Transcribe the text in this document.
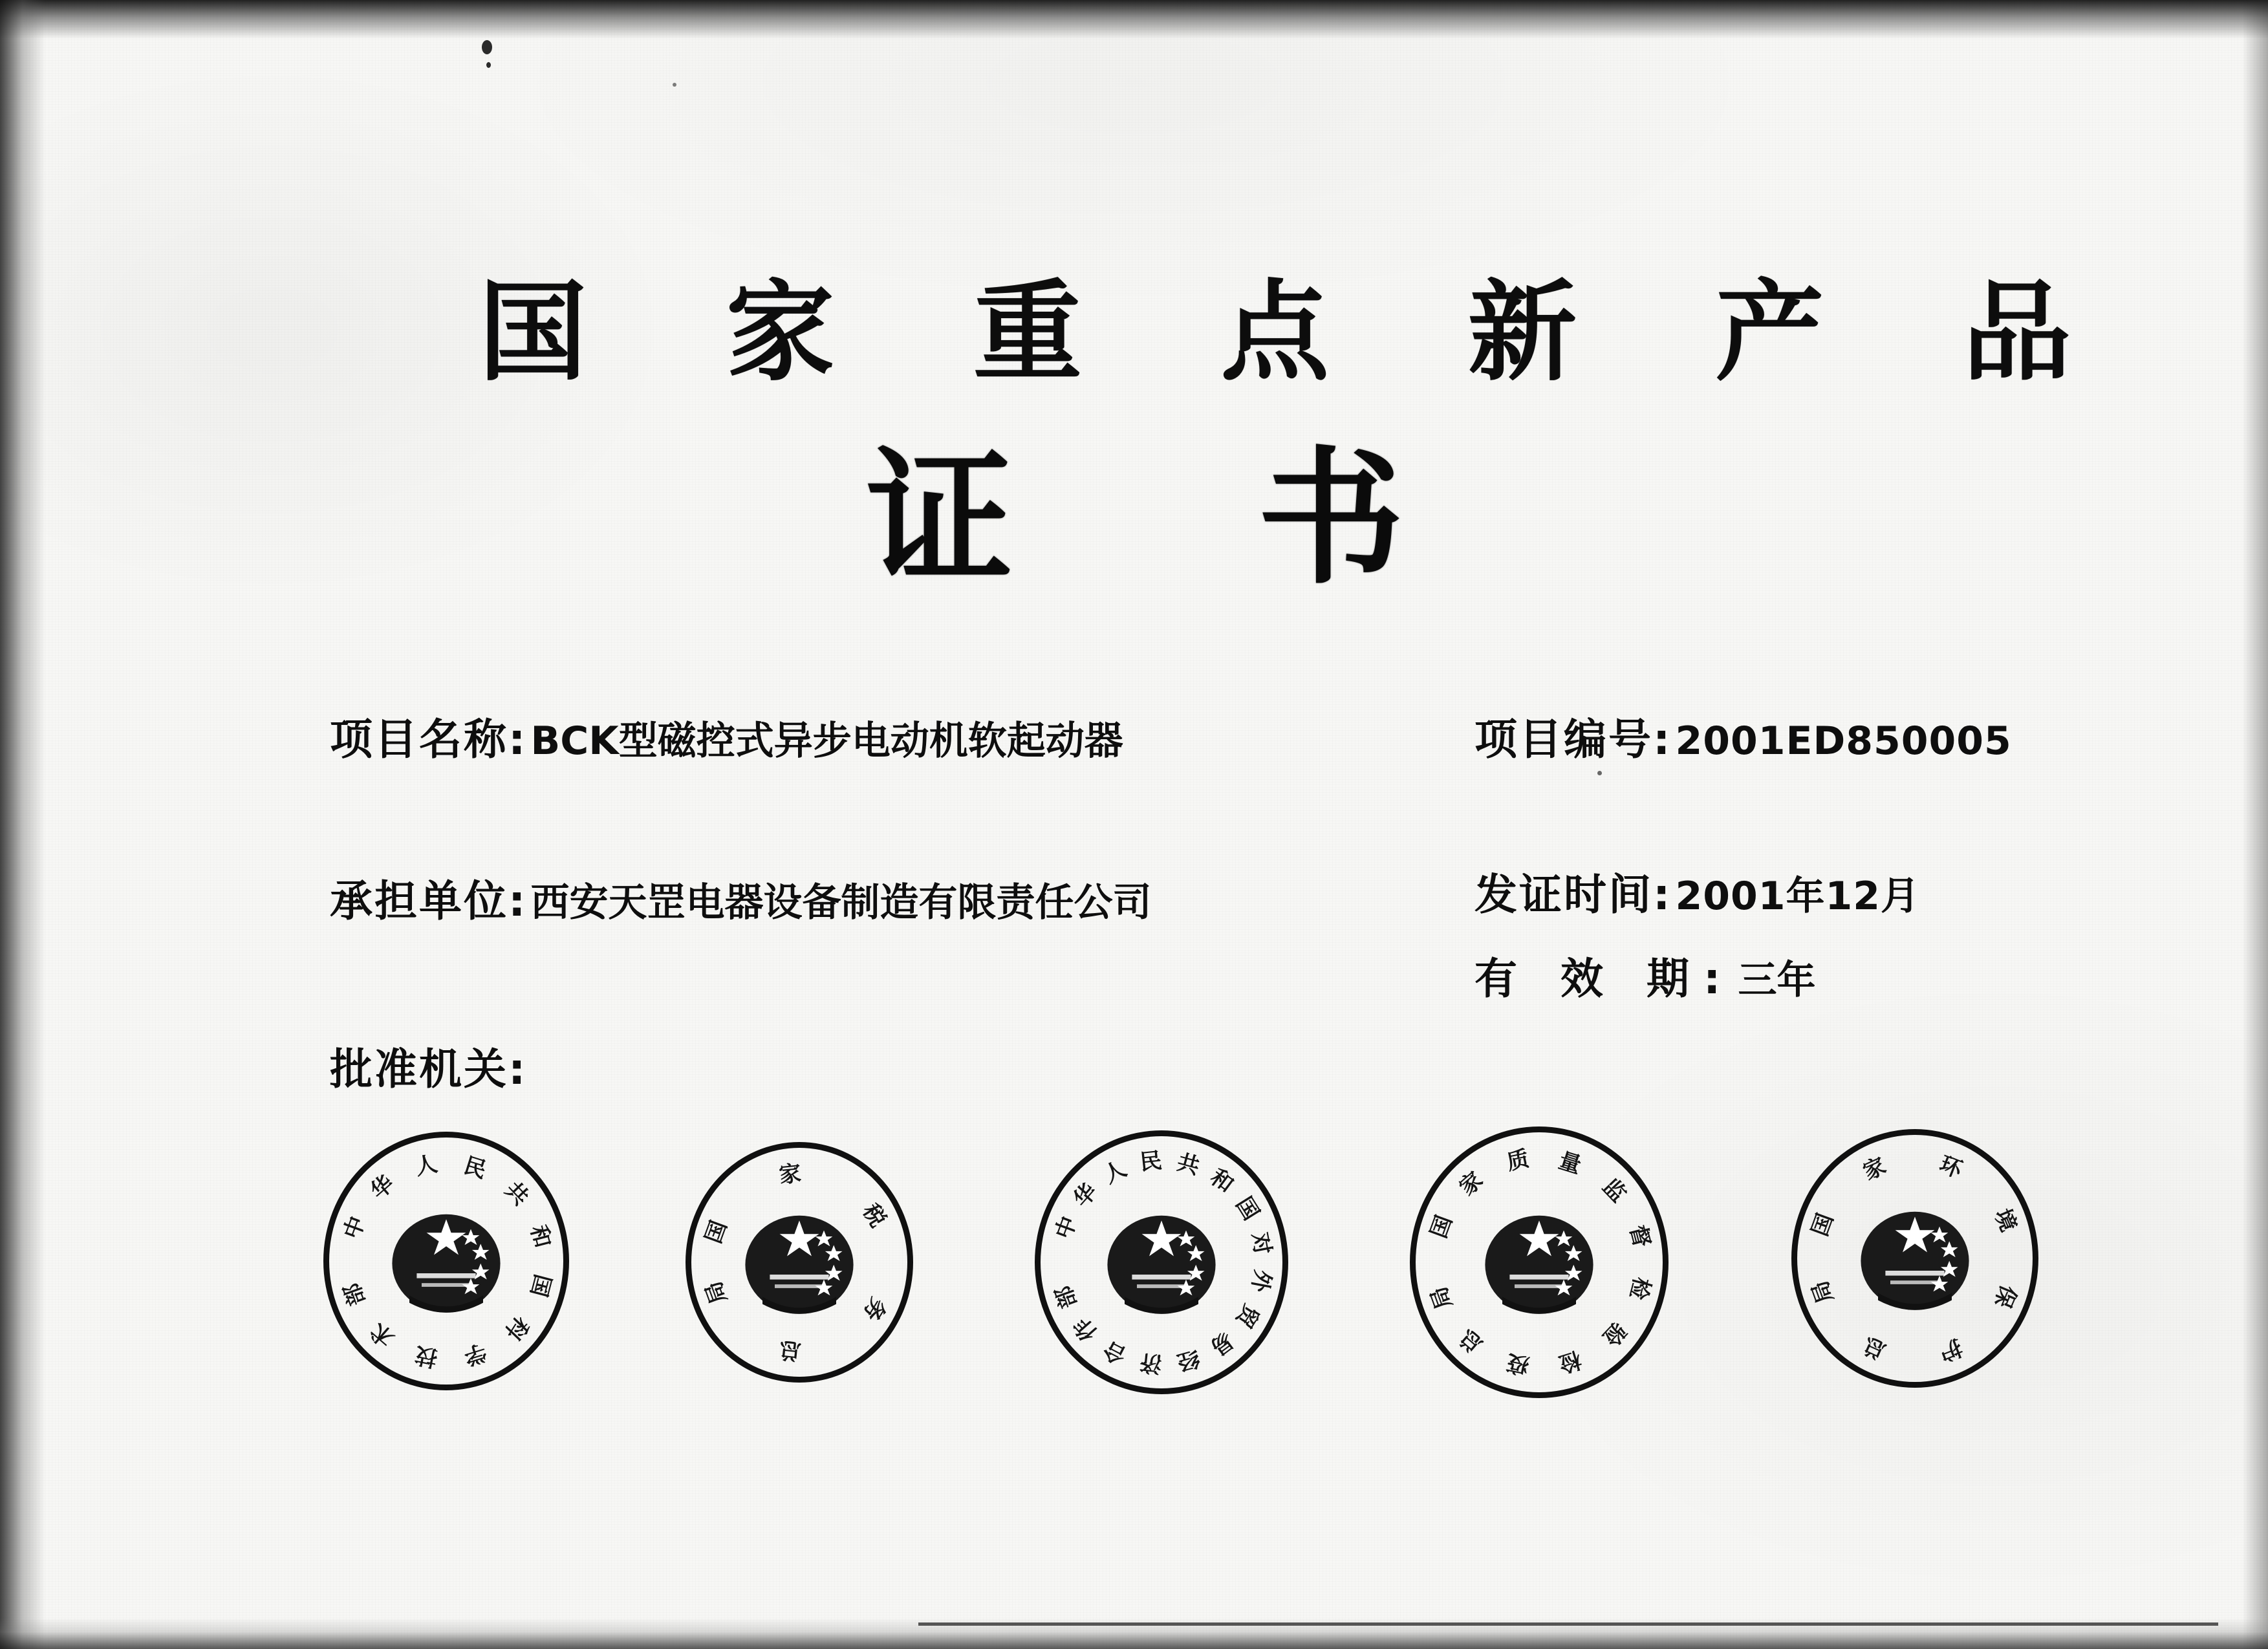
国 家 重 点 新 产 品
证 书
项目名称: BCK型磁控式异步电动机软起动器	项目编号: 2001ED850005
承担单位: 西安天罡电器设备制造有限责任公司	发证时间: 2001年12月
有 效 期: 三年
批准机关:
中
华
人 民
共
和
国
科
学
技
术
部
国
家
税
务
总
局
中
华
人 民 共 和
国
对
外
贸
易
经
济
合
作
部
国
家
质 量
监
督
检
验
检
疫
总
局
国
家 环
境
保
护
总
局
